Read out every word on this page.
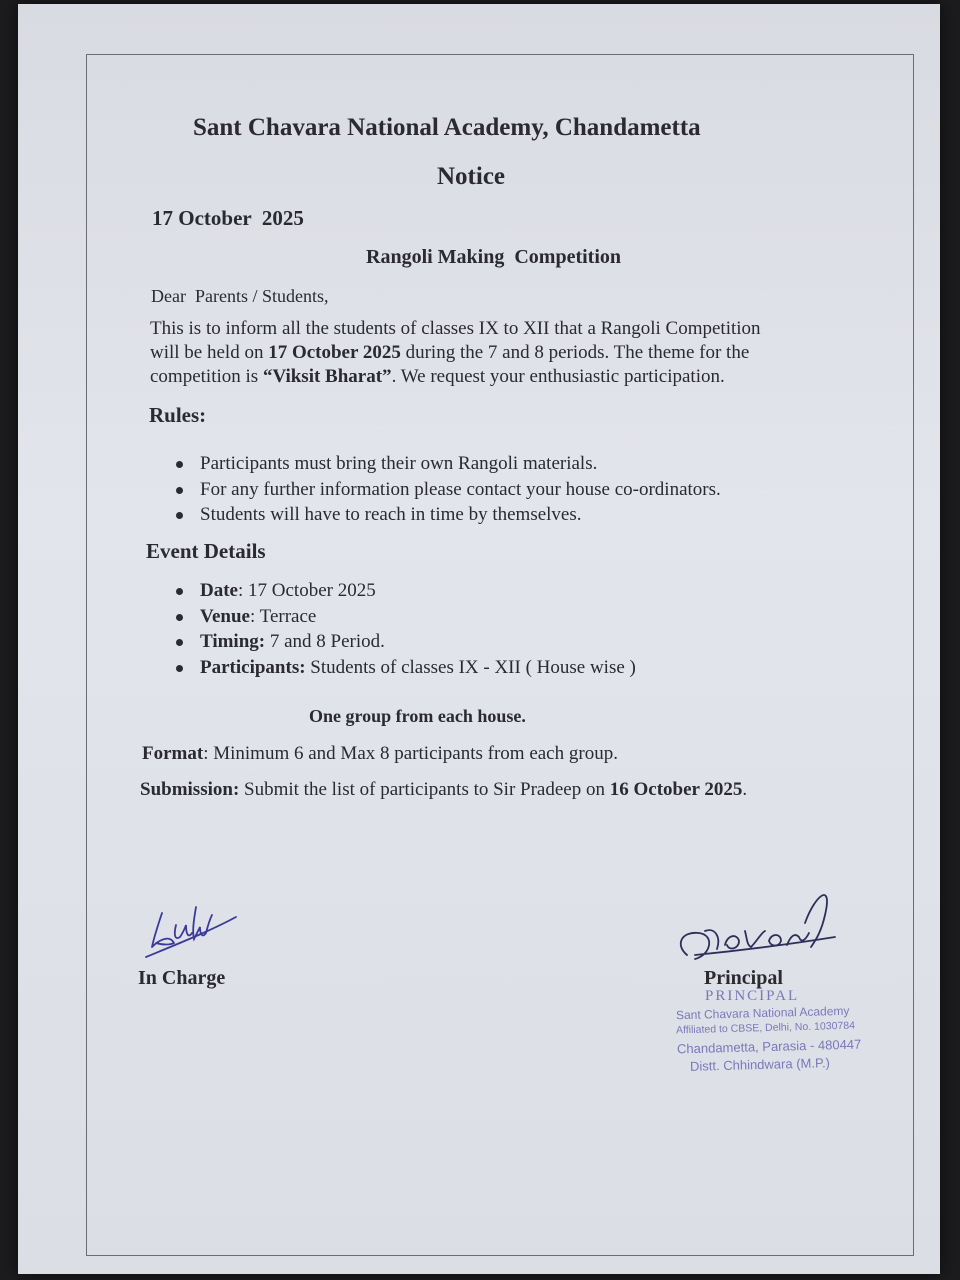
Sant Chavara National Academy, Chandametta
Notice
17 October  2025
Rangoli Making  Competition
Dear  Parents / Students,
This is to inform all the students of classes IX to XII that a Rangoli Competition
will be held on 17 October 2025 during the 7 and 8 periods. The theme for the
competition is “Viksit Bharat”. We request your enthusiastic participation.
Rules:
Participants must bring their own Rangoli materials.
For any further information please contact your house co-ordinators.
Students will have to reach in time by themselves.
Event Details
Date: 17 October 2025
Venue: Terrace
Timing: 7 and 8 Period.
Participants: Students of classes IX - XII ( House wise )
One group from each house.
Format: Minimum 6 and Max 8 participants from each group.
Submission: Submit the list of participants to Sir Pradeep on 16 October 2025.
In Charge	Principal
PRINCIPAL
Sant Chavara National Academy
Affiliated to CBSE, Delhi, No. 1030784
Chandametta, Parasia - 480447
Distt. Chhindwara (M.P.)
